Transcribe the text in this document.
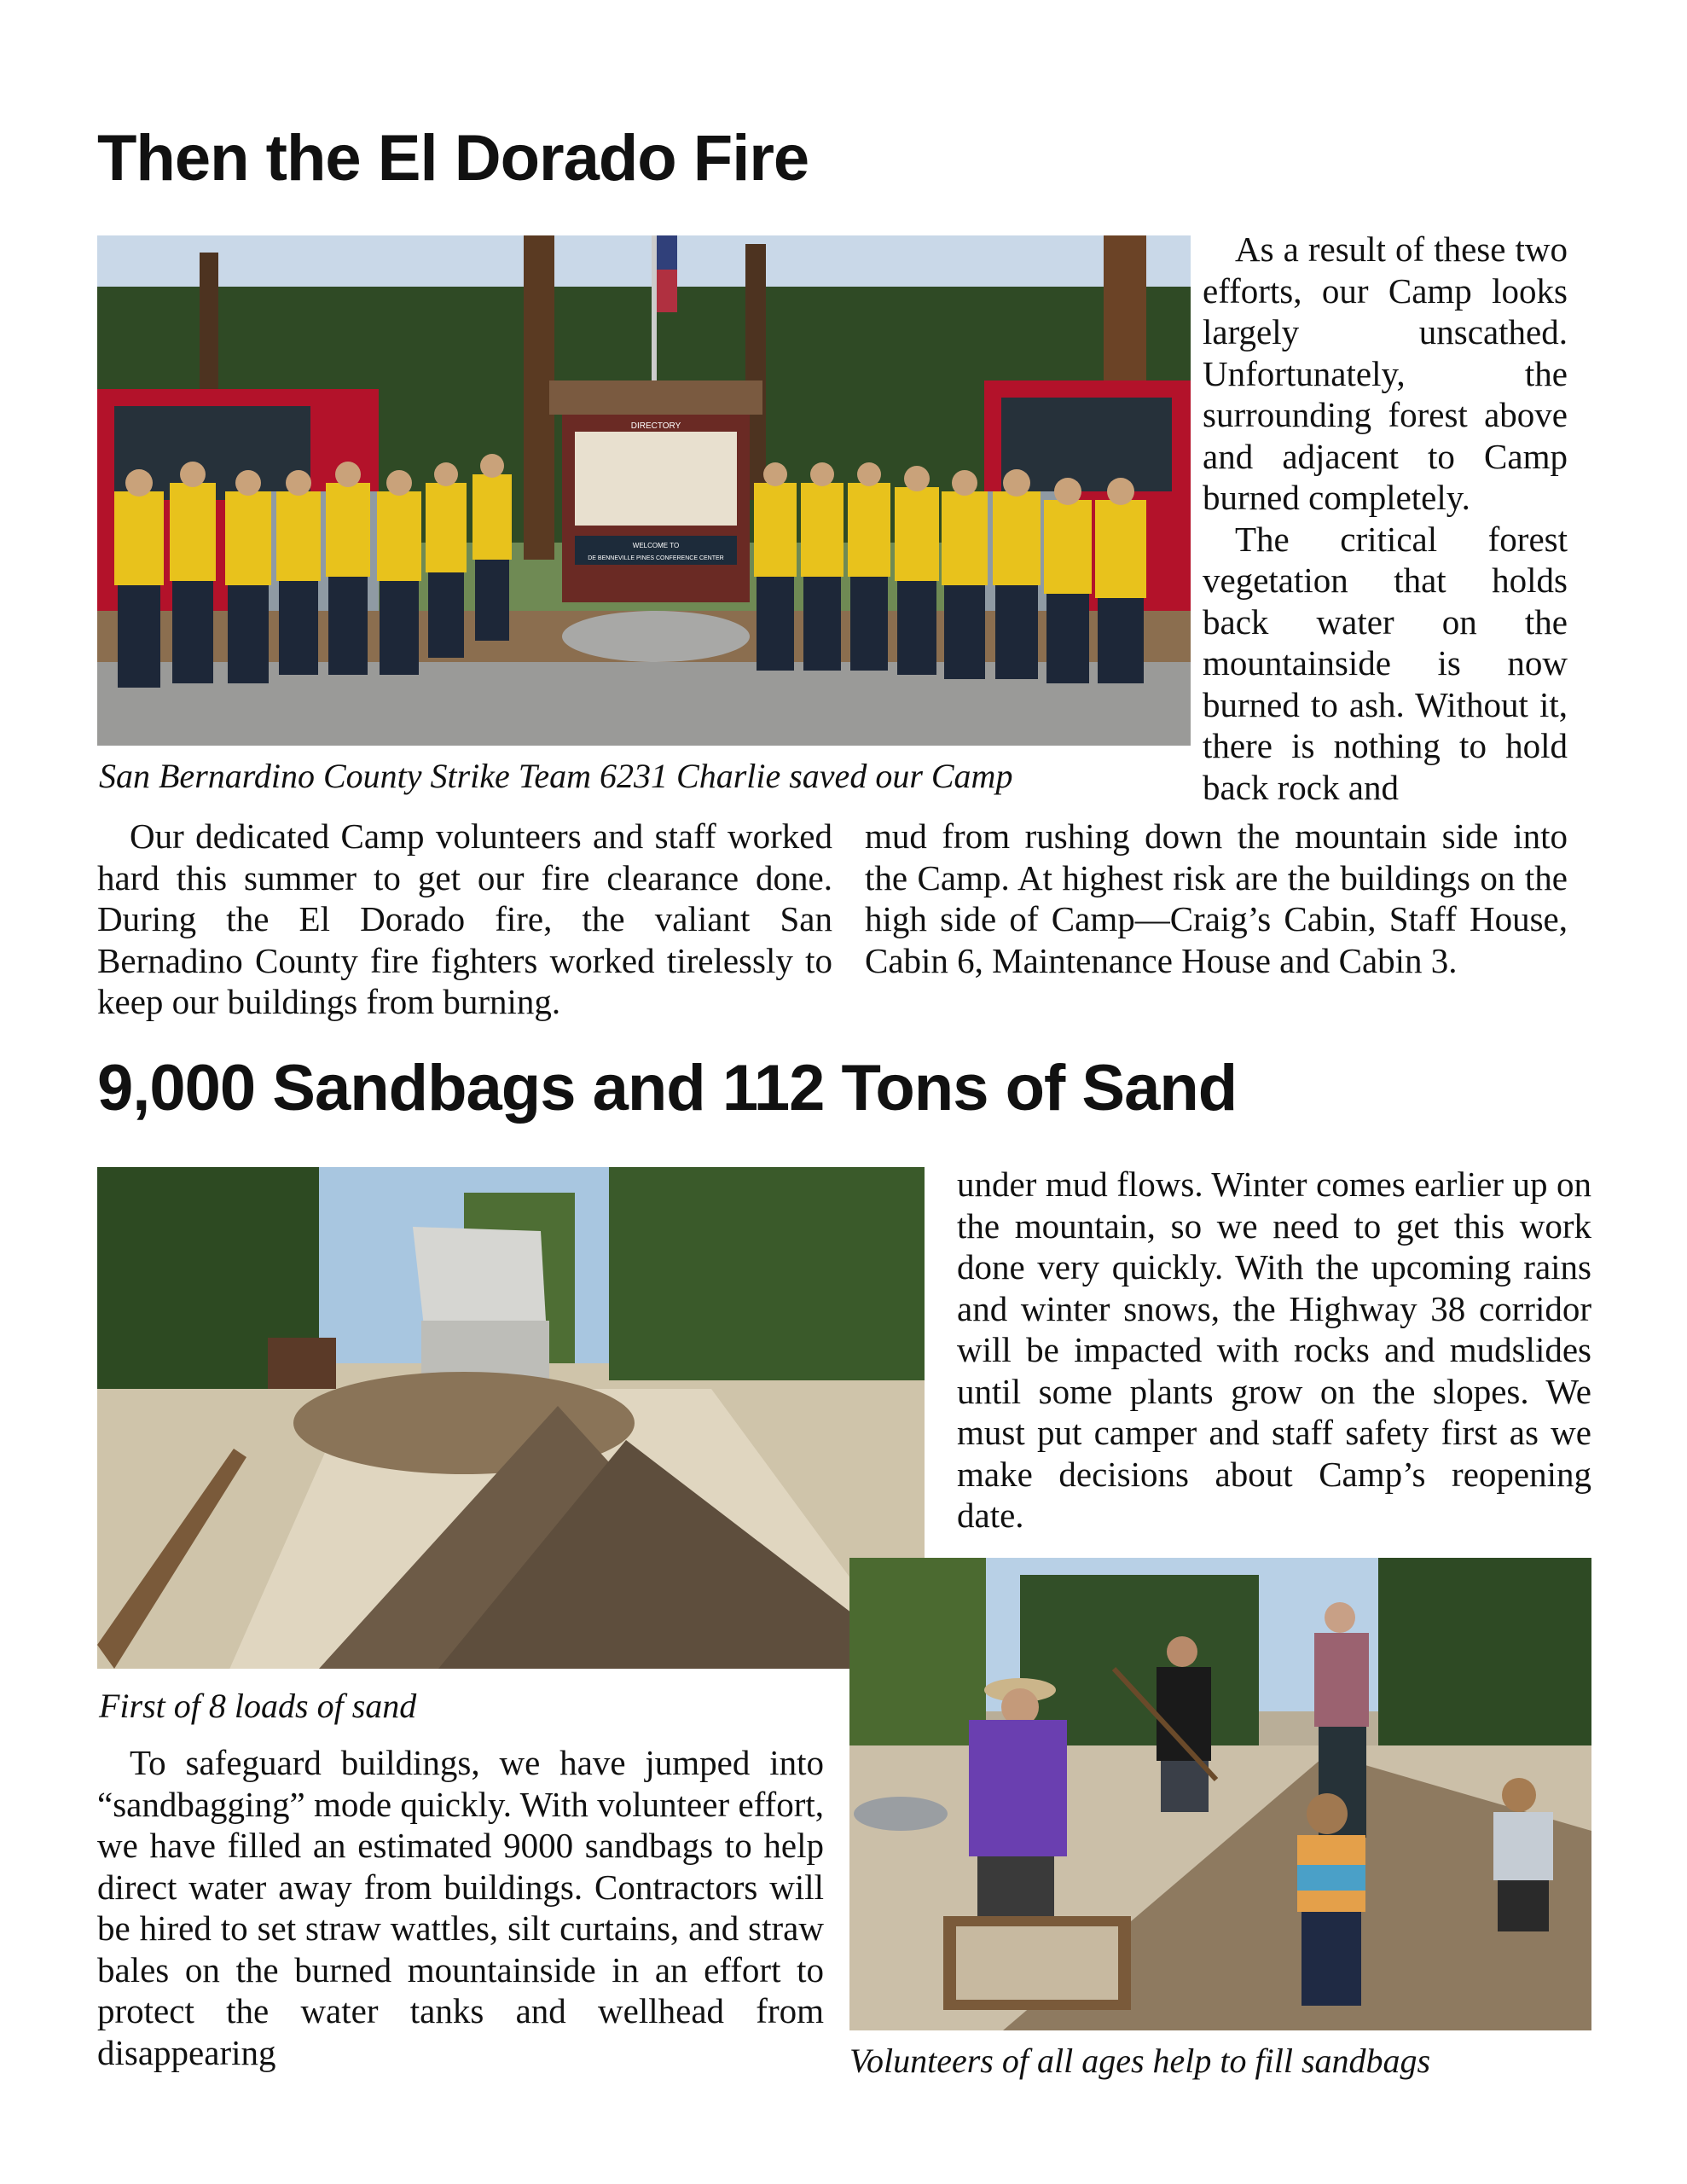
Then the El Dorado Fire
DIRECTORY
WELCOME TO
DE BENNEVILLE PINES CONFERENCE CENTER

San Bernardino County Strike Team 6231 Charlie saved our Camp

As a result of these two efforts, our Camp looks largely unscathed. Unfortunately, the surrounding forest above and adjacent to Camp burned completely.
The critical forest vegetation that holds back water on the mountainside is now burned to ash. Without it, there is nothing to hold back rock and

Our dedicated Camp volunteers and staff worked hard this summer to get our fire clearance done. During the El Dorado fire, the valiant San Bernadino County fire fighters worked tirelessly to keep our buildings from burning.

mud from rushing down the mountain side into the Camp. At highest risk are the buildings on the high side of Camp—Craig’s Cabin, Staff House, Cabin 6, Maintenance House and Cabin 3.

9,000 Sandbags and 112 Tons of Sand

First of 8 loads of sand

under mud flows. Winter comes earlier up on the mountain, so we need to get this work done very quickly. With the upcoming rains and winter snows, the Highway 38 corridor will be impacted with rocks and mudslides until some plants grow on the slopes. We must put camper and staff safety first as we make decisions about Camp’s reopening date.

Volunteers of all ages help to fill sandbags

To safeguard buildings, we have jumped into “sandbagging” mode quickly. With volunteer effort, we have filled an estimated 9000 sandbags to help direct water away from buildings. Contractors will be hired to set straw wattles, silt curtains, and straw bales on the burned mountainside in an effort to protect the water tanks and wellhead from disappearing
